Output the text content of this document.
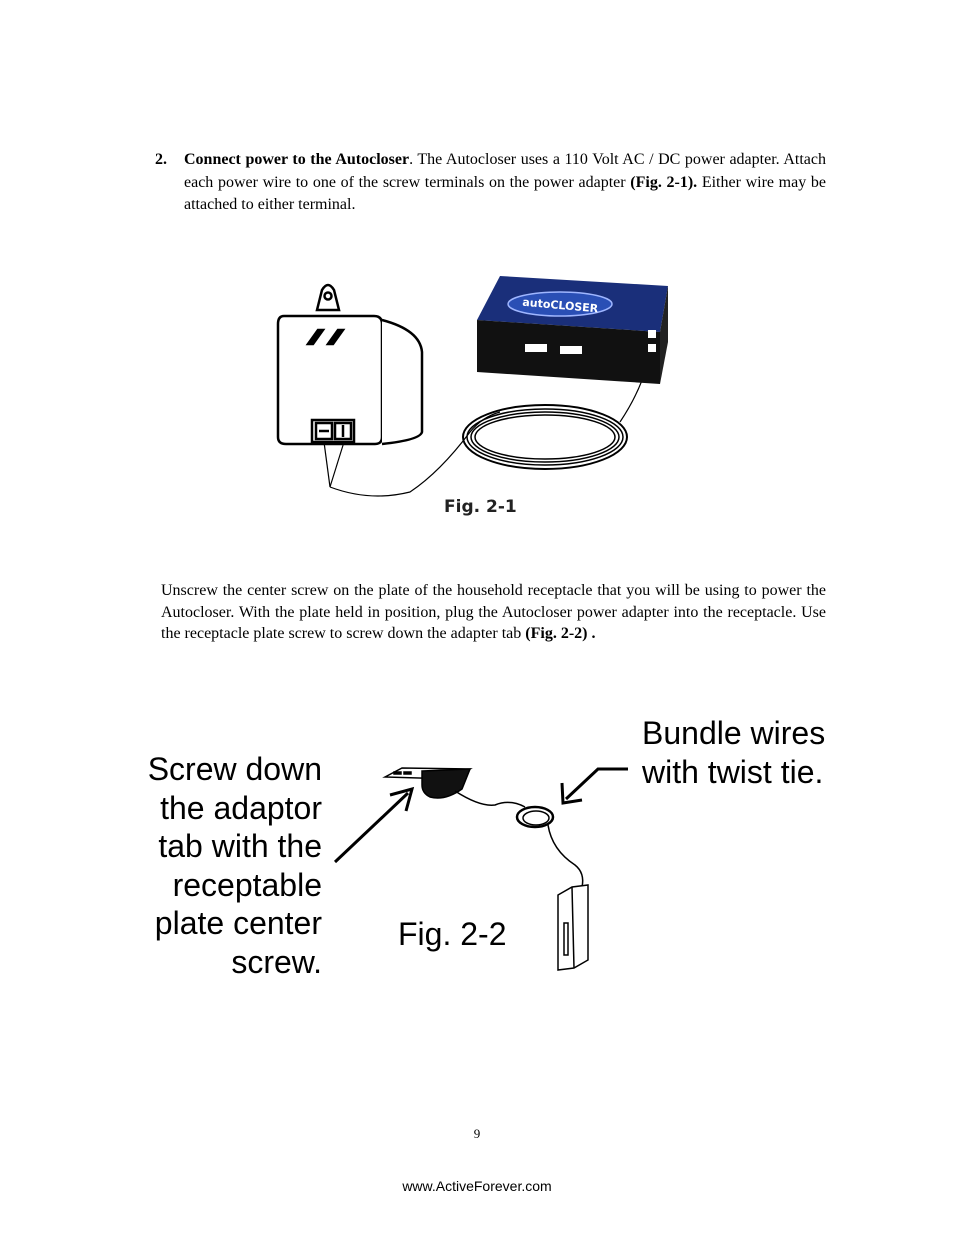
2. Connect power to the Autocloser. The Autocloser uses a 110 Volt AC / DC power adapter. Attach each power wire to one of the screw terminals on the power adapter (Fig. 2-1). Either wire may be attached to either terminal.
autoCLOSER
Fig. 2-1
Unscrew the center screw on the plate of the household receptacle that you will be using to power the Autocloser. With the plate held in position, plug the Autocloser power adapter into the receptacle. Use the receptacle plate screw to screw down the adapter tab (Fig. 2-2) .
Screw down the adaptor tab with the receptable plate center screw.
Bundle wires with twist tie.
Fig. 2-2
9
www.ActiveForever.com
